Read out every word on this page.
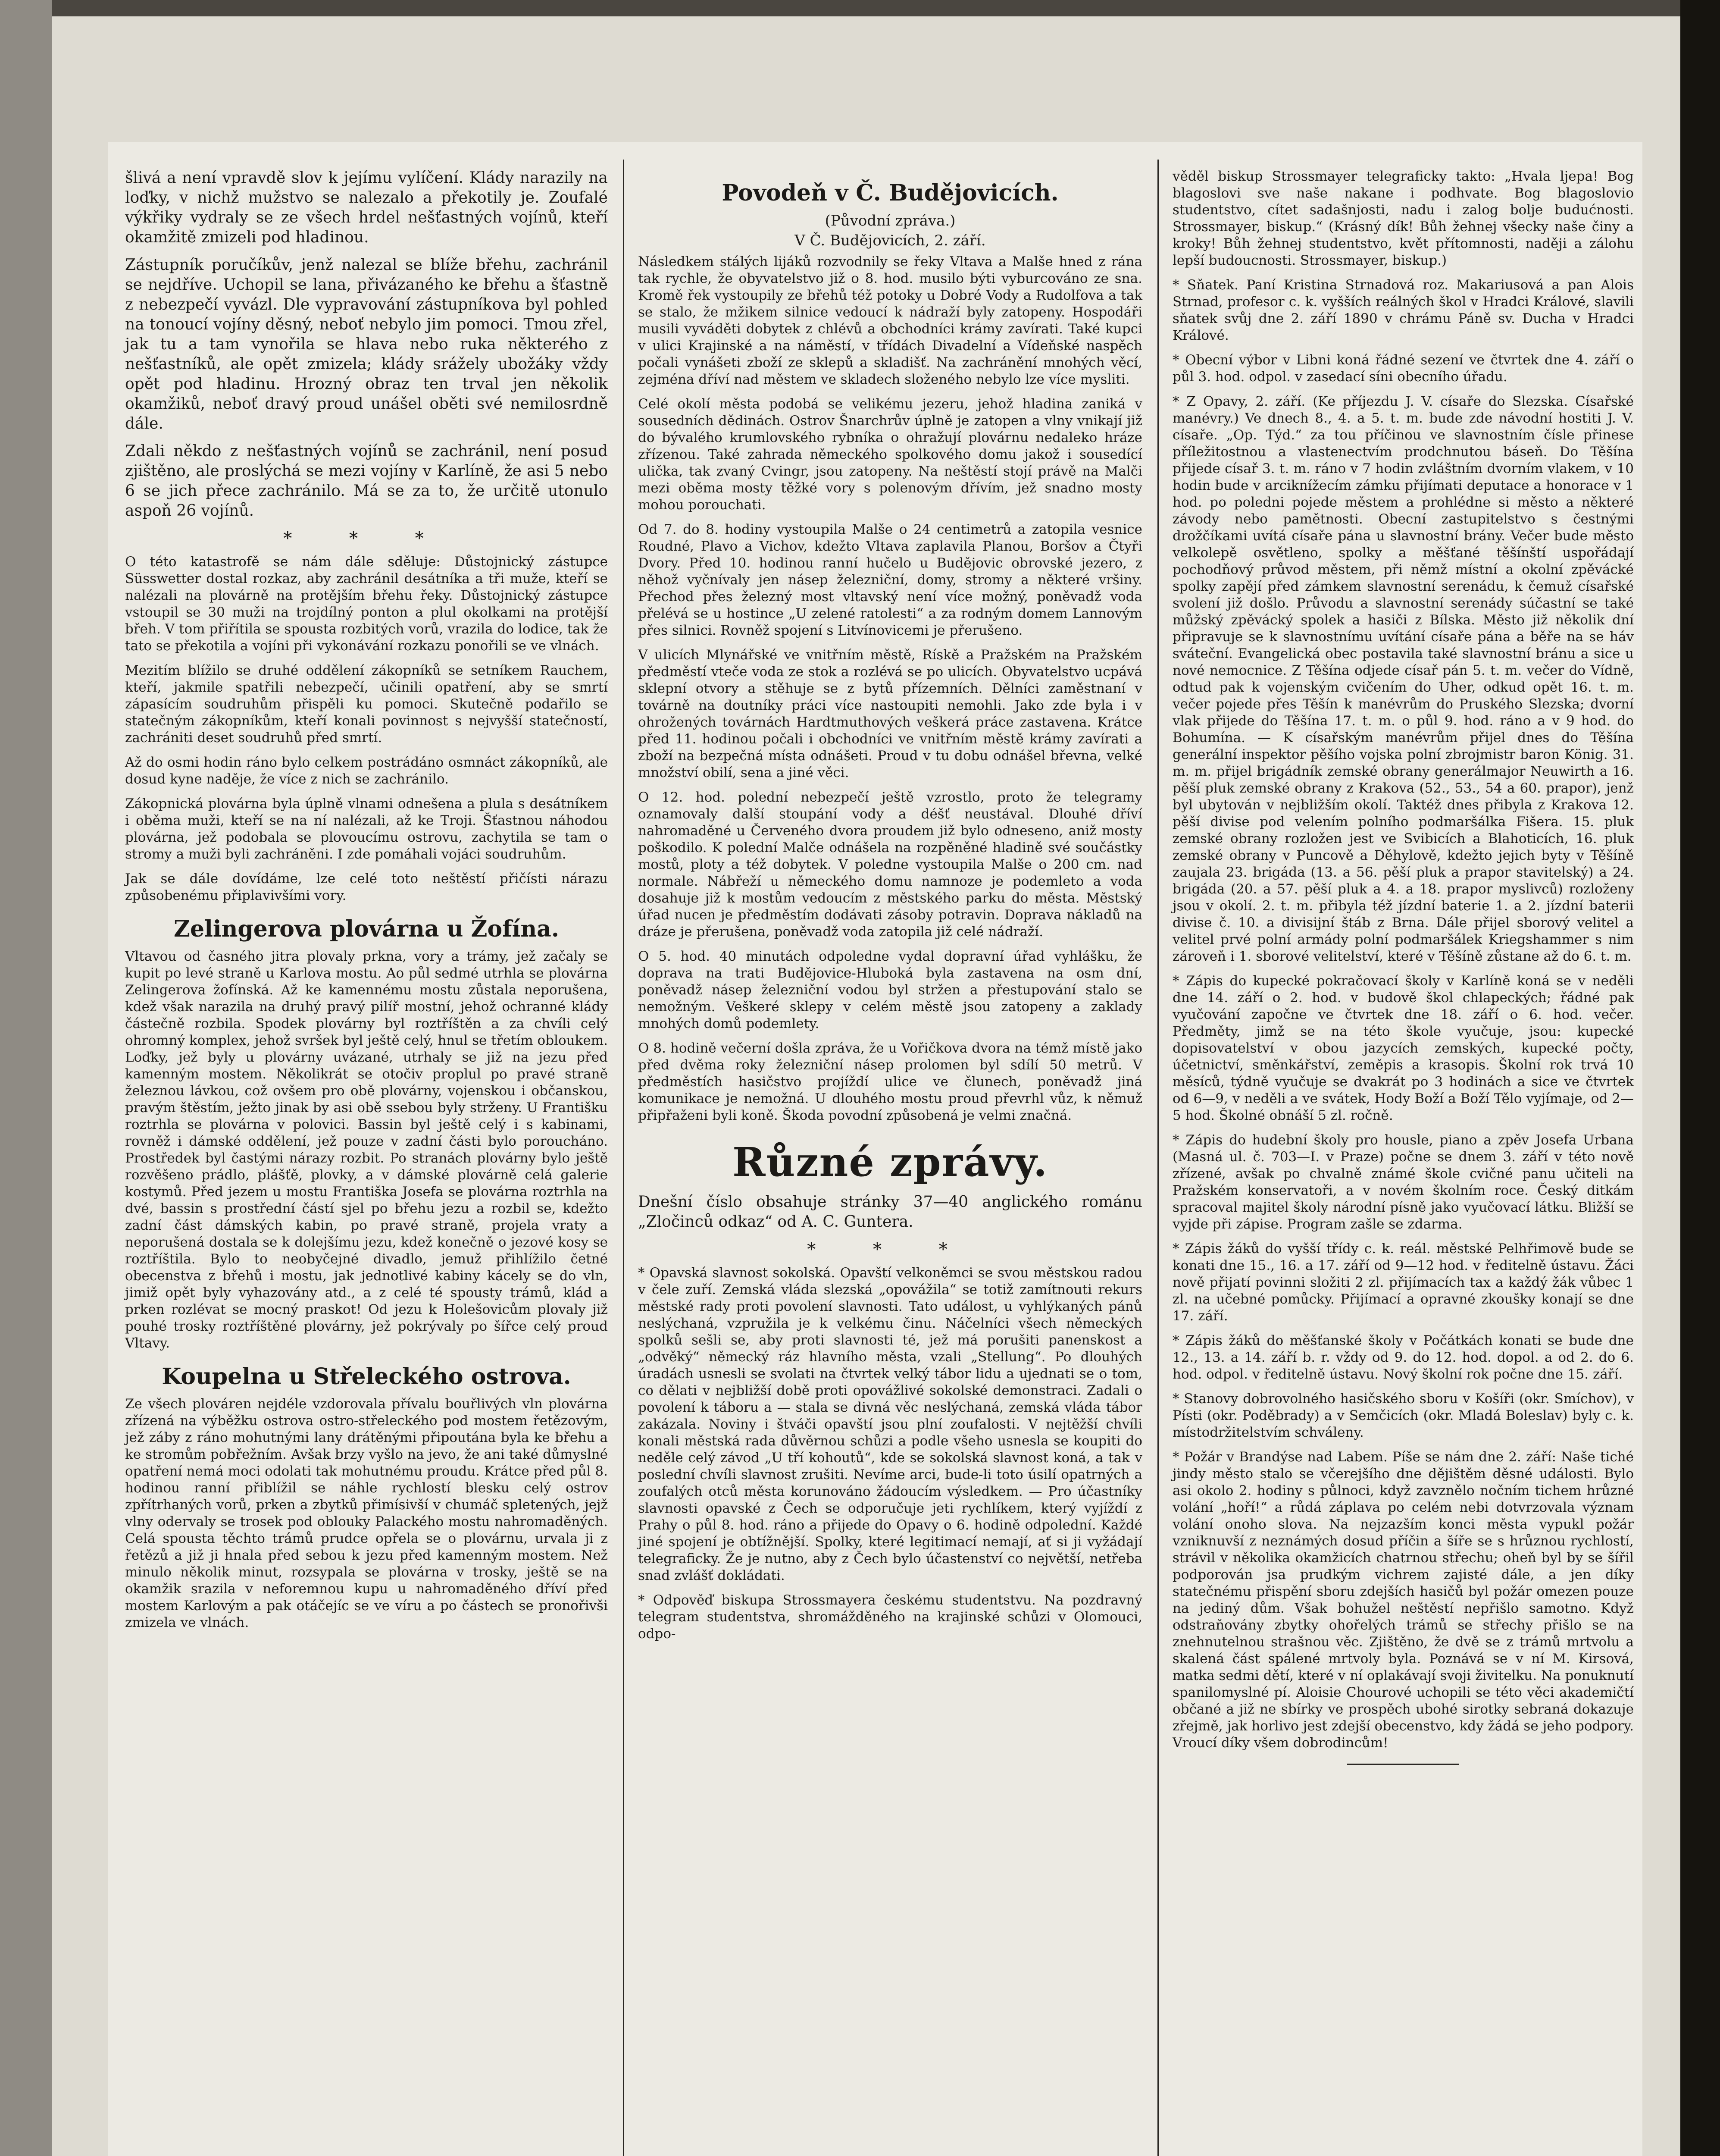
šlivá a není vpravdě slov k jejímu vylíčení. Klády narazily na loďky, v nichž mužstvo se nalezalo a překotily je. Zoufalé výkřiky vydraly se ze všech hrdel nešťastných vojínů, kteří okamžitě zmizeli pod hladinou.

Zástupník poručíkův, jenž nalezal se blíže břehu, zachránil se nejdříve. Uchopil se lana, přivázaného ke břehu a šťastně z nebezpečí vyvázl. Dle vypravování zástupníkova byl pohled na tonoucí vojíny děsný, neboť nebylo jim pomoci. Tmou zřel, jak tu a tam vynořila se hlava nebo ruka některého z nešťastníků, ale opět zmizela; klády srážely ubožáky vždy opět pod hladinu. Hrozný obraz ten trval jen několik okamžiků, neboť dravý proud unášel oběti své nemilosrdně dále.

Zdali někdo z nešťastných vojínů se zachránil, není posud zjištěno, ale proslýchá se mezi vojíny v Karlíně, že asi 5 nebo 6 se jich přece zachránilo. Má se za to, že určitě utonulo aspoň 26 vojínů.

* * *

O této katastrofě se nám dále sděluje: Důstojnický zástupce Süsswetter dostal rozkaz, aby zachránil desátníka a tři muže, kteří se nalézali na plovárně na protějším břehu řeky. Důstojnický zástupce vstoupil se 30 muži na trojdílný ponton a plul okolkami na protější břeh. V tom přiřítila se spousta rozbitých vorů, vrazila do lodice, tak že tato se překotila a vojíni při vykonávání rozkazu ponořili se ve vlnách.

Mezitím blížilo se druhé oddělení zákopníků se setníkem Rauchem, kteří, jakmile spatřili nebezpečí, učinili opatření, aby se smrtí zápasícím soudruhům přispěli ku pomoci. Skutečně podařilo se statečným zákopníkům, kteří konali povinnost s nejvyšší statečností, zachrániti deset soudruhů před smrtí.

Až do osmi hodin ráno bylo celkem postrádáno osmnáct zákopníků, ale dosud kyne naděje, že více z nich se zachránilo.

Zákopnická plovárna byla úplně vlnami odnešena a plula s desátníkem i oběma muži, kteří se na ní nalézali, až ke Troji. Šťastnou náhodou plovárna, jež podobala se plovoucímu ostrovu, zachytila se tam o stromy a muži byli zachráněni. I zde pomáhali vojáci soudruhům.

Jak se dále dovídáme, lze celé toto neštěstí přičísti nárazu způsobenému připlavivšími vory.

Zelingerova plovárna u Žofína.

Vltavou od časného jitra plovaly prkna, vory a trámy, jež začaly se kupit po levé straně u Karlova mostu. Ao půl sedmé utrhla se plovárna Zelingerova žofínská. Až ke kamennému mostu zůstala neporušena, kdež však narazila na druhý pravý pilíř mostní, jehož ochranné klády částečně rozbila. Spodek plovárny byl roztříštěn a za chvíli celý ohromný komplex, jehož svršek byl ještě celý, hnul se třetím obloukem. Loďky, jež byly u plovárny uvázané, utrhaly se již na jezu před kamenným mostem. Několikrát se otočiv proplul po pravé straně železnou lávkou, což ovšem pro obě plovárny, vojenskou i občanskou, pravým štěstím, ježto jinak by asi obě ssebou byly strženy. U Františku roztrhla se plovárna v polovici. Bassin byl ještě celý i s kabinami, rovněž i dámské oddělení, jež pouze v zadní části bylo poroucháno. Prostředek byl častými nárazy rozbit. Po stranách plovárny bylo ještě rozvěšeno prádlo, plášťě, plovky, a v dámské plovárně celá galerie kostymů. Před jezem u mostu Františka Josefa se plovárna roztrhla na dvé, bassin s prostřední částí sjel po břehu jezu a rozbil se, kdežto zadní část dámských kabin, po pravé straně, projela vraty a neporušená dostala se k dolejšímu jezu, kdež konečně o jezové kosy se roztříštila. Bylo to neobyčejné divadlo, jemuž přihlížilo četné obecenstva z břehů i mostu, jak jednotlivé kabiny kácely se do vln, jimiž opět byly vyhazovány atd., a z celé té spousty trámů, klád a prken rozlévat se mocný praskot! Od jezu k Holešovicům plovaly již pouhé trosky roztříštěné plovárny, jež pokrývaly po šířce celý proud Vltavy.

Koupelna u Střeleckého ostrova.

Ze všech plováren nejdéle vzdorovala přívalu bouřlivých vln plovárna zřízená na výběžku ostrova ostro-střeleckého pod mostem řetězovým, jež záby z ráno mohutnými lany drátěnými připoutána byla ke břehu a ke stromům pobřežním. Avšak brzy vyšlo na jevo, že ani také důmyslné opatření nemá moci odolati tak mohutnému proudu. Krátce před půl 8. hodinou ranní přiblížil se náhle rychlostí blesku celý ostrov zpřítrhaných vorů, prken a zbytků přimísivší v chumáč spletených, jejž vlny odervaly se trosek pod oblouky Palackého mostu nahromaděných. Celá spousta těchto trámů prudce opřela se o plovárnu, urvala ji z řetězů a již ji hnala před sebou k jezu před kamenným mostem. Než minulo několik minut, rozsypala se plovárna v trosky, ještě se na okamžik srazila v neforemnou kupu u nahromaděného dříví před mostem Karlovým a pak otáčejíc se ve víru a po částech se pronořivši zmizela ve vlnách.

Povodeň v Č. Budějovicích.
(Původní zpráva.)
V Č. Budějovicích, 2. září.

Následkem stálých lijáků rozvodnily se řeky Vltava a Malše hned z rána tak rychle, že obyvatelstvo již o 8. hod. musilo býti vyburcováno ze sna. Kromě řek vystoupily ze břehů též potoky u Dobré Vody a Rudolfova a tak se stalo, že mžikem silnice vedoucí k nádraží byly zatopeny. Hospodáři musili vyváděti dobytek z chlévů a obchodníci krámy zavírati. Také kupci v ulici Krajinské a na náměstí, v třídách Divadelní a Vídeňské naspěch počali vynášeti zboží ze sklepů a skladišť. Na zachránění mnohých věcí, zejména dříví nad městem ve skladech složeného nebylo lze více mysliti.

Celé okolí města podobá se velikému jezeru, jehož hladina zaniká v sousedních dědinách. Ostrov Šnarchrův úplně je zatopen a vlny vnikají již do bývalého krumlovského rybníka o ohražují plovárnu nedaleko hráze zřízenou. Také zahrada německého spolkového domu jakož i sousedící ulička, tak zvaný Cvingr, jsou zatopeny. Na neštěstí stojí právě na Malči mezi oběma mosty těžké vory s polenovým dřívím, jež snadno mosty mohou porouchati.

Od 7. do 8. hodiny vystoupila Malše o 24 centimetrů a zatopila vesnice Roudné, Plavo a Vichov, kdežto Vltava zaplavila Planou, Boršov a Čtyři Dvory. Před 10. hodinou ranní hučelo u Budějovic obrovské jezero, z něhož vyčnívaly jen násep železniční, domy, stromy a některé vršiny. Přechod přes železný most vltavský není více možný, poněvadž voda přelévá se u hostince „U zelené ratolesti“ a za rodným domem Lannovým přes silnici. Rovněž spojení s Litvínovicemi je přerušeno.

V ulicích Mlynářské ve vnitřním městě, Rískě a Pražském na Pražském předměstí vteče voda ze stok a rozlévá se po ulicích. Obyvatelstvo ucpává sklepní otvory a stěhuje se z bytů přízemních. Dělníci zaměstnaní v továrně na doutníky práci více nastoupiti nemohli. Jako zde byla i v ohrožených továrnách Hardtmuthových veškerá práce zastavena. Krátce před 11. hodinou počali i obchodníci ve vnitřním městě krámy zavírati a zboží na bezpečná místa odnášeti. Proud v tu dobu odnášel břevna, velké množství obilí, sena a jiné věci.

O 12. hod. polední nebezpečí ještě vzrostlo, proto že telegramy oznamovaly další stoupání vody a déšť neustával. Dlouhé dříví nahromaděné u Červeného dvora proudem již bylo odneseno, aniž mosty poškodilo. K polední Malče odnášela na rozpěněné hladině své součástky mostů, ploty a též dobytek. V poledne vystoupila Malše o 200 cm. nad normale. Nábřeží u německého domu namnoze je podemleto a voda dosahuje již k mostům vedoucím z městského parku do města. Městský úřad nucen je předměstím dodávati zásoby potravin. Doprava nákladů na dráze je přerušena, poněvadž voda zatopila již celé nádraží.

O 5. hod. 40 minutách odpoledne vydal dopravní úřad vyhlášku, že doprava na trati Budějovice-Hluboká byla zastavena na osm dní, poněvadž násep železniční vodou byl stržen a přestupování stalo se nemožným. Veškeré sklepy v celém městě jsou zatopeny a zaklady mnohých domů podemlety.

O 8. hodině večerní došla zpráva, že u Vořičkova dvora na témž místě jako před dvěma roky železniční násep prolomen byl sdílí 50 metrů. V předměstích hasičstvo projíždí ulice ve člunech, poněvadž jiná komunikace je nemožná. U dlouhého mostu proud převrhl vůz, k němuž připřaženi byli koně. Škoda povodní způsobená je velmi značná.

Různé zprávy.

Dnešní číslo obsahuje stránky 37—40 anglického románu „Zločinců odkaz“ od A. C. Guntera.

* * *

* Opavská slavnost sokolská. Opavští velkoněmci se svou městskou radou v čele zuří. Zemská vláda slezská „opovážila“ se totiž zamítnouti rekurs městské rady proti povolení slavnosti. Tato událost, u vyhlýkaných pánů neslýchaná, vzpružila je k velkému činu. Náčelníci všech německých spolků sešli se, aby proti slavnosti té, jež má porušiti panenskost a „odvěký“ německý ráz hlavního města, vzali „Stellung“. Po dlouhých úradách usnesli se svolati na čtvrtek velký tábor lidu a ujednati se o tom, co dělati v nejbližší době proti opovážlivé sokolské demonstraci. Zadali o povolení k táboru a — stala se divná věc neslýchaná, zemská vláda tábor zakázala. Noviny i štváči opavští jsou plní zoufalosti. V nejtěžší chvíli konali městská rada důvěrnou schůzi a podle všeho usnesla se koupiti do neděle celý závod „U tří kohoutů“, kde se sokolská slavnost koná, a tak v poslední chvíli slavnost zrušiti. Nevíme arci, bude-li toto úsilí opatrných a zoufalých otců města korunováno žádoucím výsledkem. — Pro účastníky slavnosti opavské z Čech se odporučuje jeti rychlíkem, který vyjíždí z Prahy o půl 8. hod. ráno a přijede do Opavy o 6. hodině odpolední. Každé jiné spojení je obtížnější. Spolky, které legitimací nemají, ať si ji vyžádají telegraficky. Že je nutno, aby z Čech bylo účastenství co největší, netřeba snad zvlášť dokládati.

* Odpověď biskupa Strossmayera českému studentstvu. Na pozdravný telegram studentstva, shromážděného na krajinské schůzi v Olomouci, odpo-

věděl biskup Strossmayer telegraficky takto: „Hvala ljepa! Bog blagoslovi sve naše nakane i podhvate. Bog blagoslovio studentstvo, cítet sadašnjosti, nadu i zalog bolje budućnosti. Strossmayer, biskup.“ (Krásný dík! Bůh žehnej všecky naše činy a kroky! Bůh žehnej studentstvo, květ přítomnosti, naději a zálohu lepší budoucnosti. Strossmayer, biskup.)

* Sňatek. Paní Kristina Strnadová roz. Makariusová a pan Alois Strnad, profesor c. k. vyšších reálných škol v Hradci Králové, slavili sňatek svůj dne 2. září 1890 v chrámu Páně sv. Ducha v Hradci Králové.

* Obecní výbor v Libni koná řádné sezení ve čtvrtek dne 4. září o půl 3. hod. odpol. v zasedací síni obecního úřadu.

* Z Opavy, 2. září. (Ke příjezdu J. V. císaře do Slezska. Císařské manévry.) Ve dnech 8., 4. a 5. t. m. bude zde návodní hostiti J. V. císaře. „Op. Týd.“ za tou příčinou ve slavnostním čísle přinese příležitostnou a vlastenectvím prodchnutou báseň. Do Těšína přijede císař 3. t. m. ráno v 7 hodin zvláštním dvorním vlakem, v 10 hodin bude v arciknížecím zámku přijímati deputace a honorace v 1 hod. po poledni pojede městem a prohlédne si město a některé závody nebo pamětnosti. Obecní zastupitelstvo s čestnými drožčíkami uvítá císaře pána u slavnostní brány. Večer bude město velkolepě osvětleno, spolky a měšťané těšínští uspořádají pochodňový průvod městem, při němž místní a okolní zpěvácké spolky zapějí před zámkem slavnostní serenádu, k čemuž císařské svolení již došlo. Průvodu a slavnostní serenády súčastní se také můžský zpěvácký spolek a hasiči z Bílska. Město již několik dní připravuje se k slavnostnímu uvítání císaře pána a běře na se háv sváteční. Evangelická obec postavila také slavnostní bránu a sice u nové nemocnice. Z Těšína odjede císař pán 5. t. m. večer do Vídně, odtud pak k vojenským cvičením do Uher, odkud opět 16. t. m. večer pojede přes Těšín k manévrům do Pruského Slezska; dvorní vlak přijede do Těšína 17. t. m. o půl 9. hod. ráno a v 9 hod. do Bohumína. — K císařským manévrům přijel dnes do Těšína generální inspektor pěšího vojska polní zbrojmistr baron König. 31. m. m. přijel brigádník zemské obrany generálmajor Neuwirth a 16. pěší pluk zemské obrany z Krakova (52., 53., 54 a 60. prapor), jenž byl ubytován v nejbližším okolí. Taktéž dnes přibyla z Krakova 12. pěší divise pod velením polního podmaršálka Fišera. 15. pluk zemské obrany rozložen jest ve Svibicích a Blahoticích, 16. pluk zemské obrany v Puncově a Děhylově, kdežto jejich byty v Těšíně zaujala 23. brigáda (13. a 56. pěší pluk a prapor stavitelský) a 24. brigáda (20. a 57. pěší pluk a 4. a 18. prapor myslivců) rozloženy jsou v okolí. 2. t. m. přibyla též jízdní baterie 1. a 2. jízdní baterii divise č. 10. a divisijní štáb z Brna. Dále přijel sborový velitel a velitel prvé polní armády polní podmaršálek Kriegshammer s nim zároveň i 1. sborové velitelství, které v Těšíně zůstane až do 6. t. m.

* Zápis do kupecké pokračovací školy v Karlíně koná se v neděli dne 14. září o 2. hod. v budově škol chlapeckých; řádné pak vyučování započne ve čtvrtek dne 18. září o 6. hod. večer. Předměty, jimž se na této škole vyučuje, jsou: kupecké dopisovatelství v obou jazycích zemských, kupecké počty, účetnictví, směnkářství, zeměpis a krasopis. Školní rok trvá 10 měsíců, týdně vyučuje se dvakrát po 3 hodinách a sice ve čtvrtek od 6—9, v neděli a ve svátek, Hody Boží a Boží Tělo vyjímaje, od 2—5 hod. Školné obnáší 5 zl. ročně.

* Zápis do hudební školy pro housle, piano a zpěv Josefa Urbana (Masná ul. č. 703—I. v Praze) počne se dnem 3. září v této nově zřízené, avšak po chvalně známé škole cvičné panu učiteli na Pražském konservatoři, a v novém školním roce. Český ditkám spracoval majitel školy národní písně jako vyučovací látku. Bližší se vyjde při zápise. Program zašle se zdarma.

* Zápis žáků do vyšší třídy c. k. reál. městské Pelhřimově bude se konati dne 15., 16. a 17. září od 9—12 hod. v ředitelně ústavu. Žáci nově přijatí povinni složiti 2 zl. přijímacích tax a každý žák vůbec 1 zl. na učebné pomůcky. Přijímací a opravné zkoušky konají se dne 17. září.

* Zápis žáků do měšťanské školy v Počátkách konati se bude dne 12., 13. a 14. září b. r. vždy od 9. do 12. hod. dopol. a od 2. do 6. hod. odpol. v ředitelně ústavu. Nový školní rok počne dne 15. září.

* Stanovy dobrovolného hasičského sboru v Košíři (okr. Smíchov), v Písti (okr. Poděbrady) a v Semčicích (okr. Mladá Boleslav) byly c. k. místodržitelstvím schváleny.

* Požár v Brandýse nad Labem. Píše se nám dne 2. září: Naše tiché jindy město stalo se včerejšího dne dějištěm děsné události. Bylo asi okolo 2. hodiny s půlnoci, když zavznělo nočním tichem hrůzné volání „hoří!“ a růdá záplava po celém nebi dotvrzovala význam volání onoho slova. Na nejzazším konci města vypukl požár vzniknuvší z neznámých dosud příčin a šíře se s hrůznou rychlostí, strávil v několika okamžicích chatrnou střechu; oheň byl by se šířil podporován jsa prudkým vichrem zajisté dále, a jen díky statečnému přispění sboru zdejších hasičů byl požár omezen pouze na jediný dům. Však bohužel neštěstí nepřišlo samotno. Když odstraňovány zbytky ohořelých trámů se střechy přišlo se na znehnutelnou strašnou věc. Zjištěno, že dvě se z trámů mrtvolu a skalená část spálené mrtvoly byla. Poznává se v ní M. Kirsová, matka sedmi dětí, které v ní oplakávají svoji živitelku. Na ponuknutí spanilomyslné pí. Aloisie Chourové uchopili se této věci akademičtí občané a již ne sbírky ve prospěch ubohé sirotky sebraná dokazuje zřejmě, jak horlivo jest zdejší obecenstvo, kdy žádá se jeho podpory. Vroucí díky všem dobrodincům!
